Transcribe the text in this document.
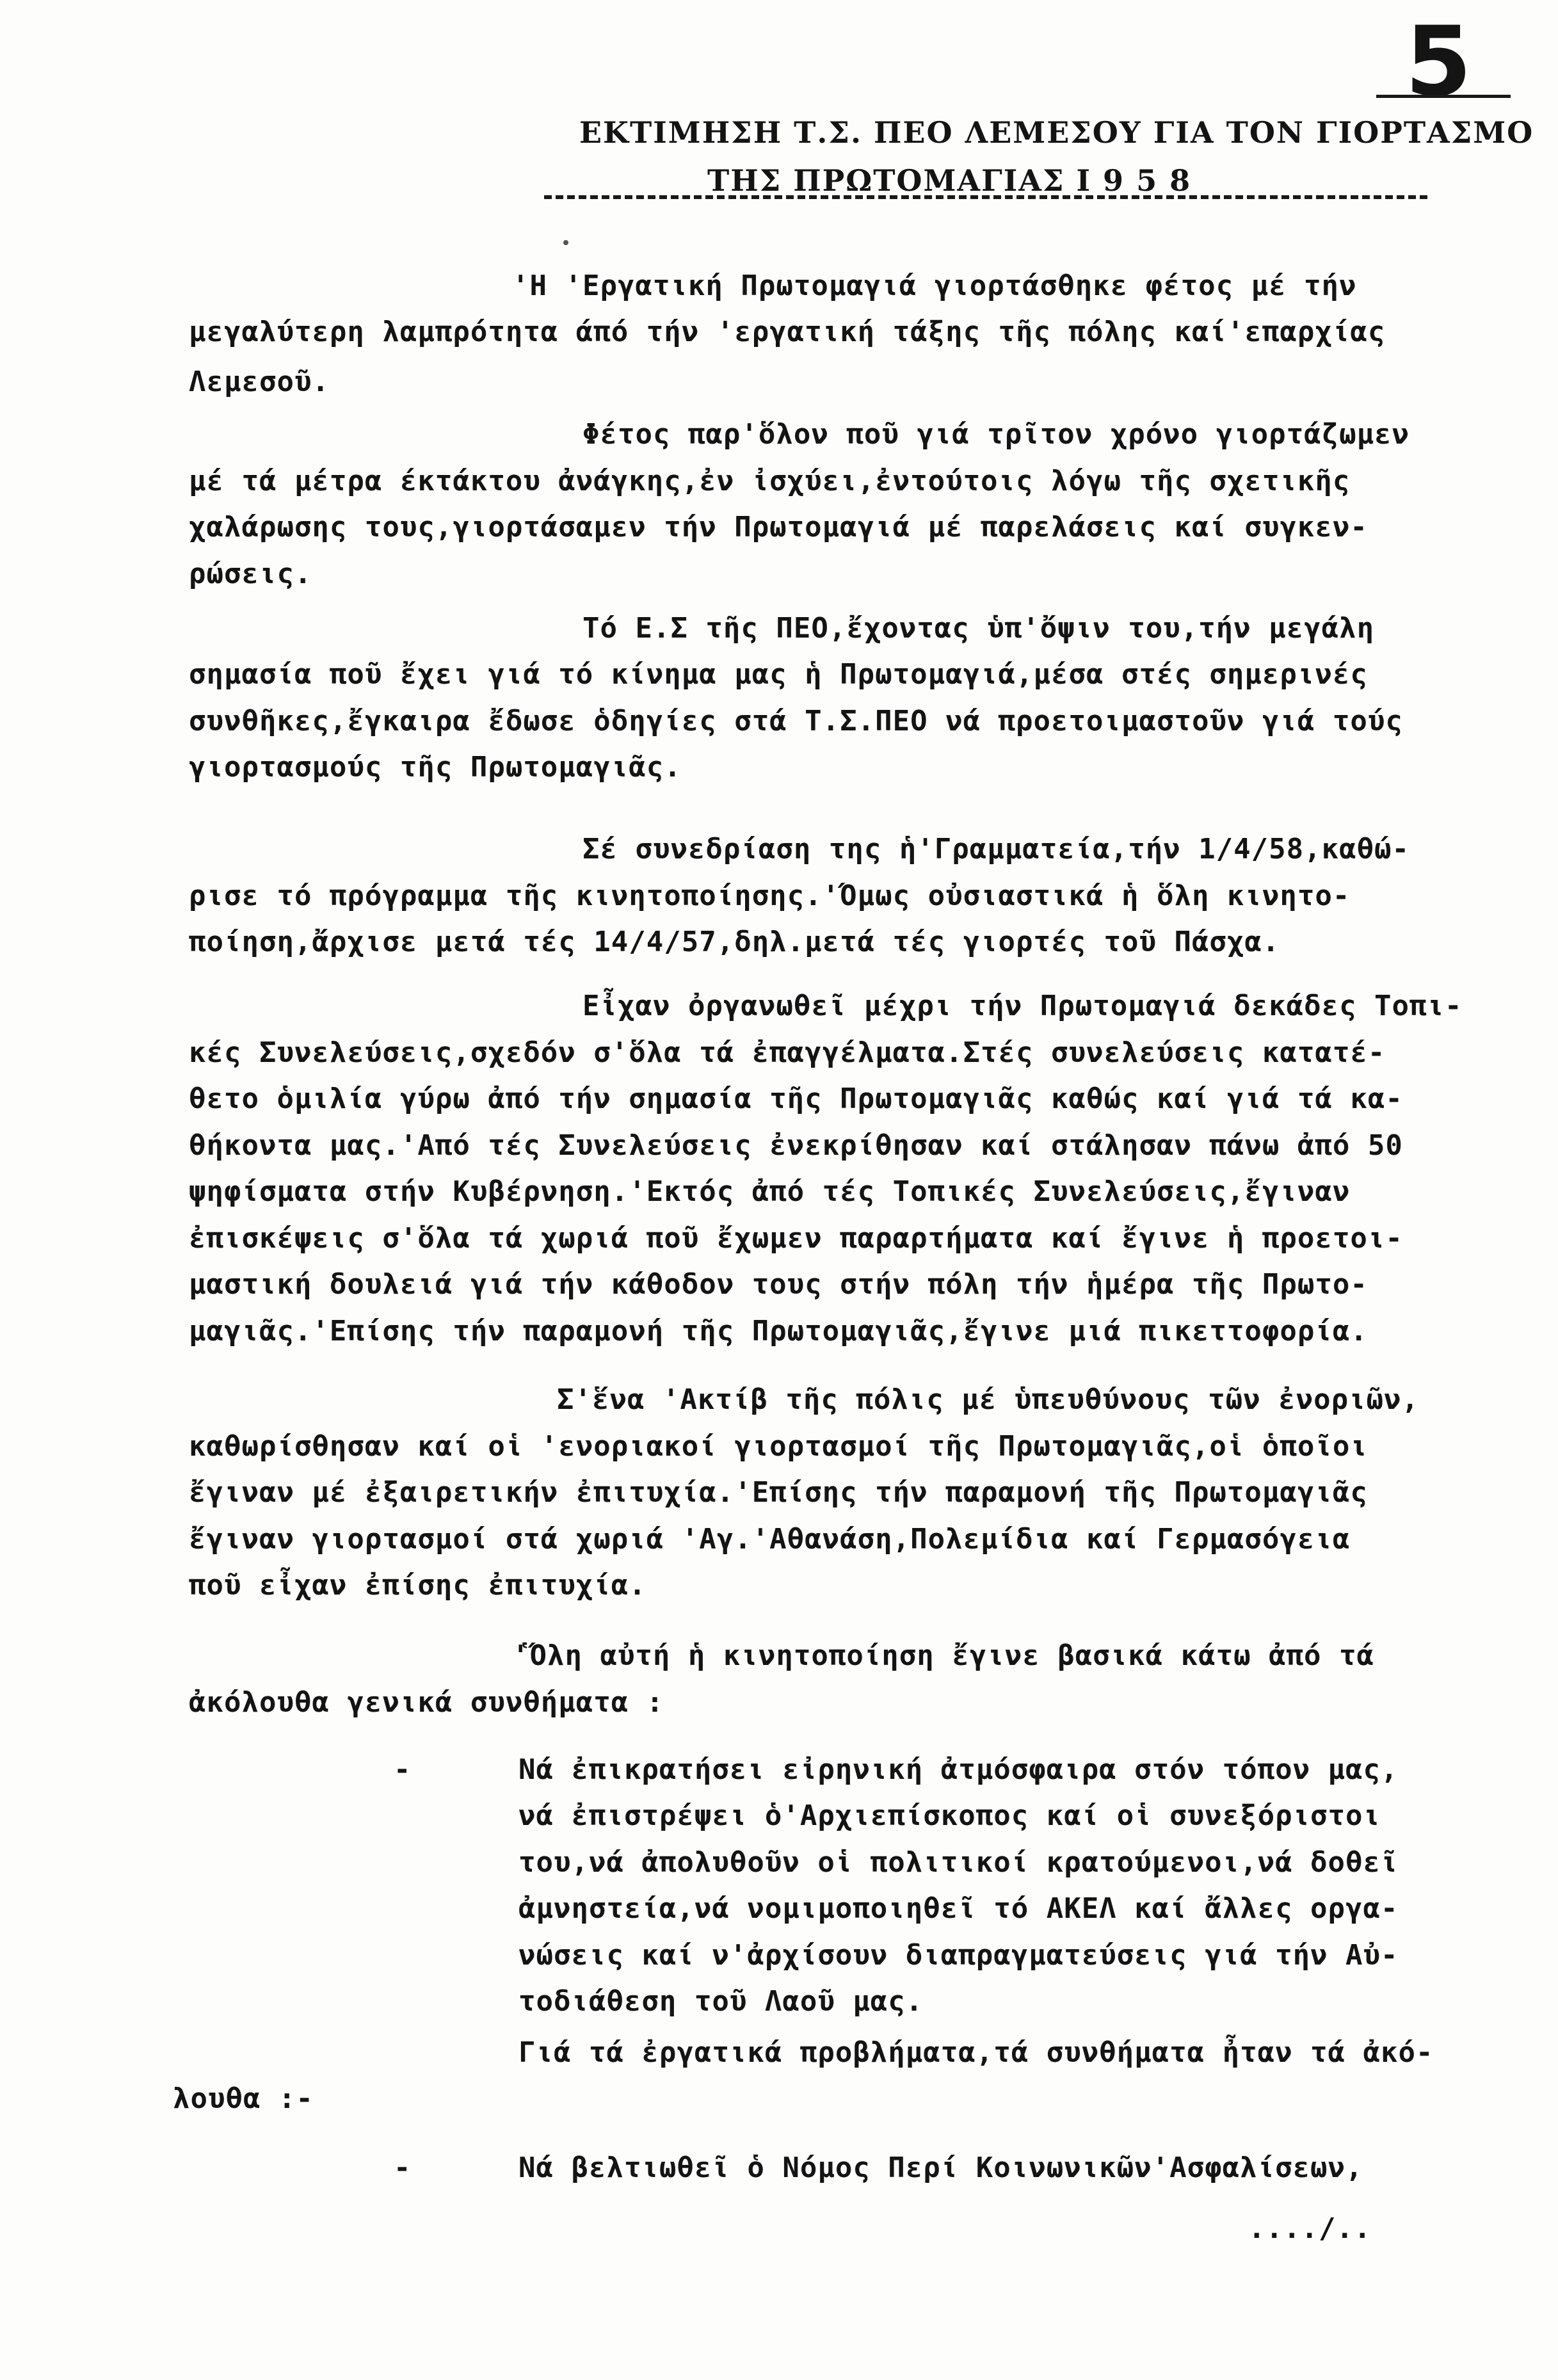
5
ΕΚΤΙΜΗΣΗ Τ.Σ. ΠΕΟ ΛΕΜΕΣΟΥ ΓΙΑ ΤΟΝ ΓΙΟΡΤΑΣΜΟ
ΤΗΣ ΠΡΩΤΟΜΑΓΙΑΣ Ι 9 5 8
'Η 'Εργατική Πρωτομαγιά γιορτάσθηκε φέτος μέ τήν
μεγαλύτερη λαμπρότητα άπό τήν 'εργατική τάξης τῆς πόλης καί'επαρχίας
Λεμεσοῦ.
Φέτος παρ'ὅλον ποῦ γιά τρῖτον χρόνο γιορτάζωμεν
μέ τά μέτρα έκτάκτου ἀνάγκης,ἐν ἰσχύει,ἐντούτοις λόγω τῆς σχετικῆς
χαλάρωσης τους,γιορτάσαμεν τήν Πρωτομαγιά μέ παρελάσεις καί συγκεν-
ρώσεις.
Τό Ε.Σ τῆς ΠΕΟ,ἔχοντας ὑπ'ὄψιν του,τήν μεγάλη
σημασία ποῦ ἔχει γιά τό κίνημα μας ἡ Πρωτομαγιά,μέσα στές σημερινές
συνθῆκες,ἔγκαιρα ἔδωσε ὁδηγίες στά Τ.Σ.ΠΕΟ νά προετοιμαστοῦν γιά τούς
γιορτασμούς τῆς Πρωτομαγιᾶς.
Σέ συνεδρίαση της ἡ'Γραμματεία,τήν 1/4/58,καθώ-
ρισε τό πρόγραμμα τῆς κινητοποίησης.'Όμως οὐσιαστικά ἡ ὅλη κινητο-
ποίηση,ἄρχισε μετά τές 14/4/57,δηλ.μετά τές γιορτές τοῦ Πάσχα.
Εἶχαν ὀργανωθεῖ μέχρι τήν Πρωτομαγιά δεκάδες Τοπι-
κές Συνελεύσεις,σχεδόν σ'ὅλα τά ἐπαγγέλματα.Στές συνελεύσεις κατατέ-
θετο ὁμιλία γύρω ἀπό τήν σημασία τῆς Πρωτομαγιᾶς καθώς καί γιά τά κα-
θήκοντα μας.'Από τές Συνελεύσεις ἐνεκρίθησαν καί στάλησαν πάνω ἀπό 50
ψηφίσματα στήν Κυβέρνηση.'Εκτός ἀπό τές Τοπικές Συνελεύσεις,ἔγιναν
ἐπισκέψεις σ'ὅλα τά χωριά ποῦ ἔχωμεν παραρτήματα καί ἔγινε ἡ προετοι-
μαστική δουλειά γιά τήν κάθοδον τους στήν πόλη τήν ἡμέρα τῆς Πρωτο-
μαγιᾶς.'Επίσης τήν παραμονή τῆς Πρωτομαγιᾶς,ἔγινε μιά πικεττοφορία.
Σ'ἕνα 'Ακτίβ τῆς πόλις μέ ὑπευθύνους τῶν ἐνοριῶν,
καθωρίσθησαν καί οἱ 'ενοριακοί γιορτασμοί τῆς Πρωτομαγιᾶς,οἱ ὁποῖοι
ἔγιναν μέ ἐξαιρετικήν ἐπιτυχία.'Επίσης τήν παραμονή τῆς Πρωτομαγιᾶς
ἔγιναν γιορτασμοί στά χωριά 'Αγ.'Αθανάση,Πολεμίδια καί Γερμασόγεια
ποῦ εἶχαν ἐπίσης ἐπιτυχία.
'Ὅλη αὐτή ἡ κινητοποίηση ἔγινε βασικά κάτω ἀπό τά
ἀκόλουθα γενικά συνθήματα :
-	Νά ἐπικρατήσει εἰρηνική ἀτμόσφαιρα στόν τόπον μας,
νά ἐπιστρέψει ὁ'Αρχιεπίσκοπος καί οἱ συνεξόριστοι
του,νά ἀπολυθοῦν οἱ πολιτικοί κρατούμενοι,νά δοθεῖ
ἀμνηστεία,νά νομιμοποιηθεῖ τό ΑΚΕΛ καί ἄλλες οργα-
νώσεις καί ν'ἀρχίσουν διαπραγματεύσεις γιά τήν Αὐ-
τοδιάθεση τοῦ Λαοῦ μας.
Γιά τά ἐργατικά προβλήματα,τά συνθήματα ἦταν τά ἀκό-
λουθα :-
-	Νά βελτιωθεῖ ὁ Νόμος Περί Κοινωνικῶν'Ασφαλίσεων,
..../..
